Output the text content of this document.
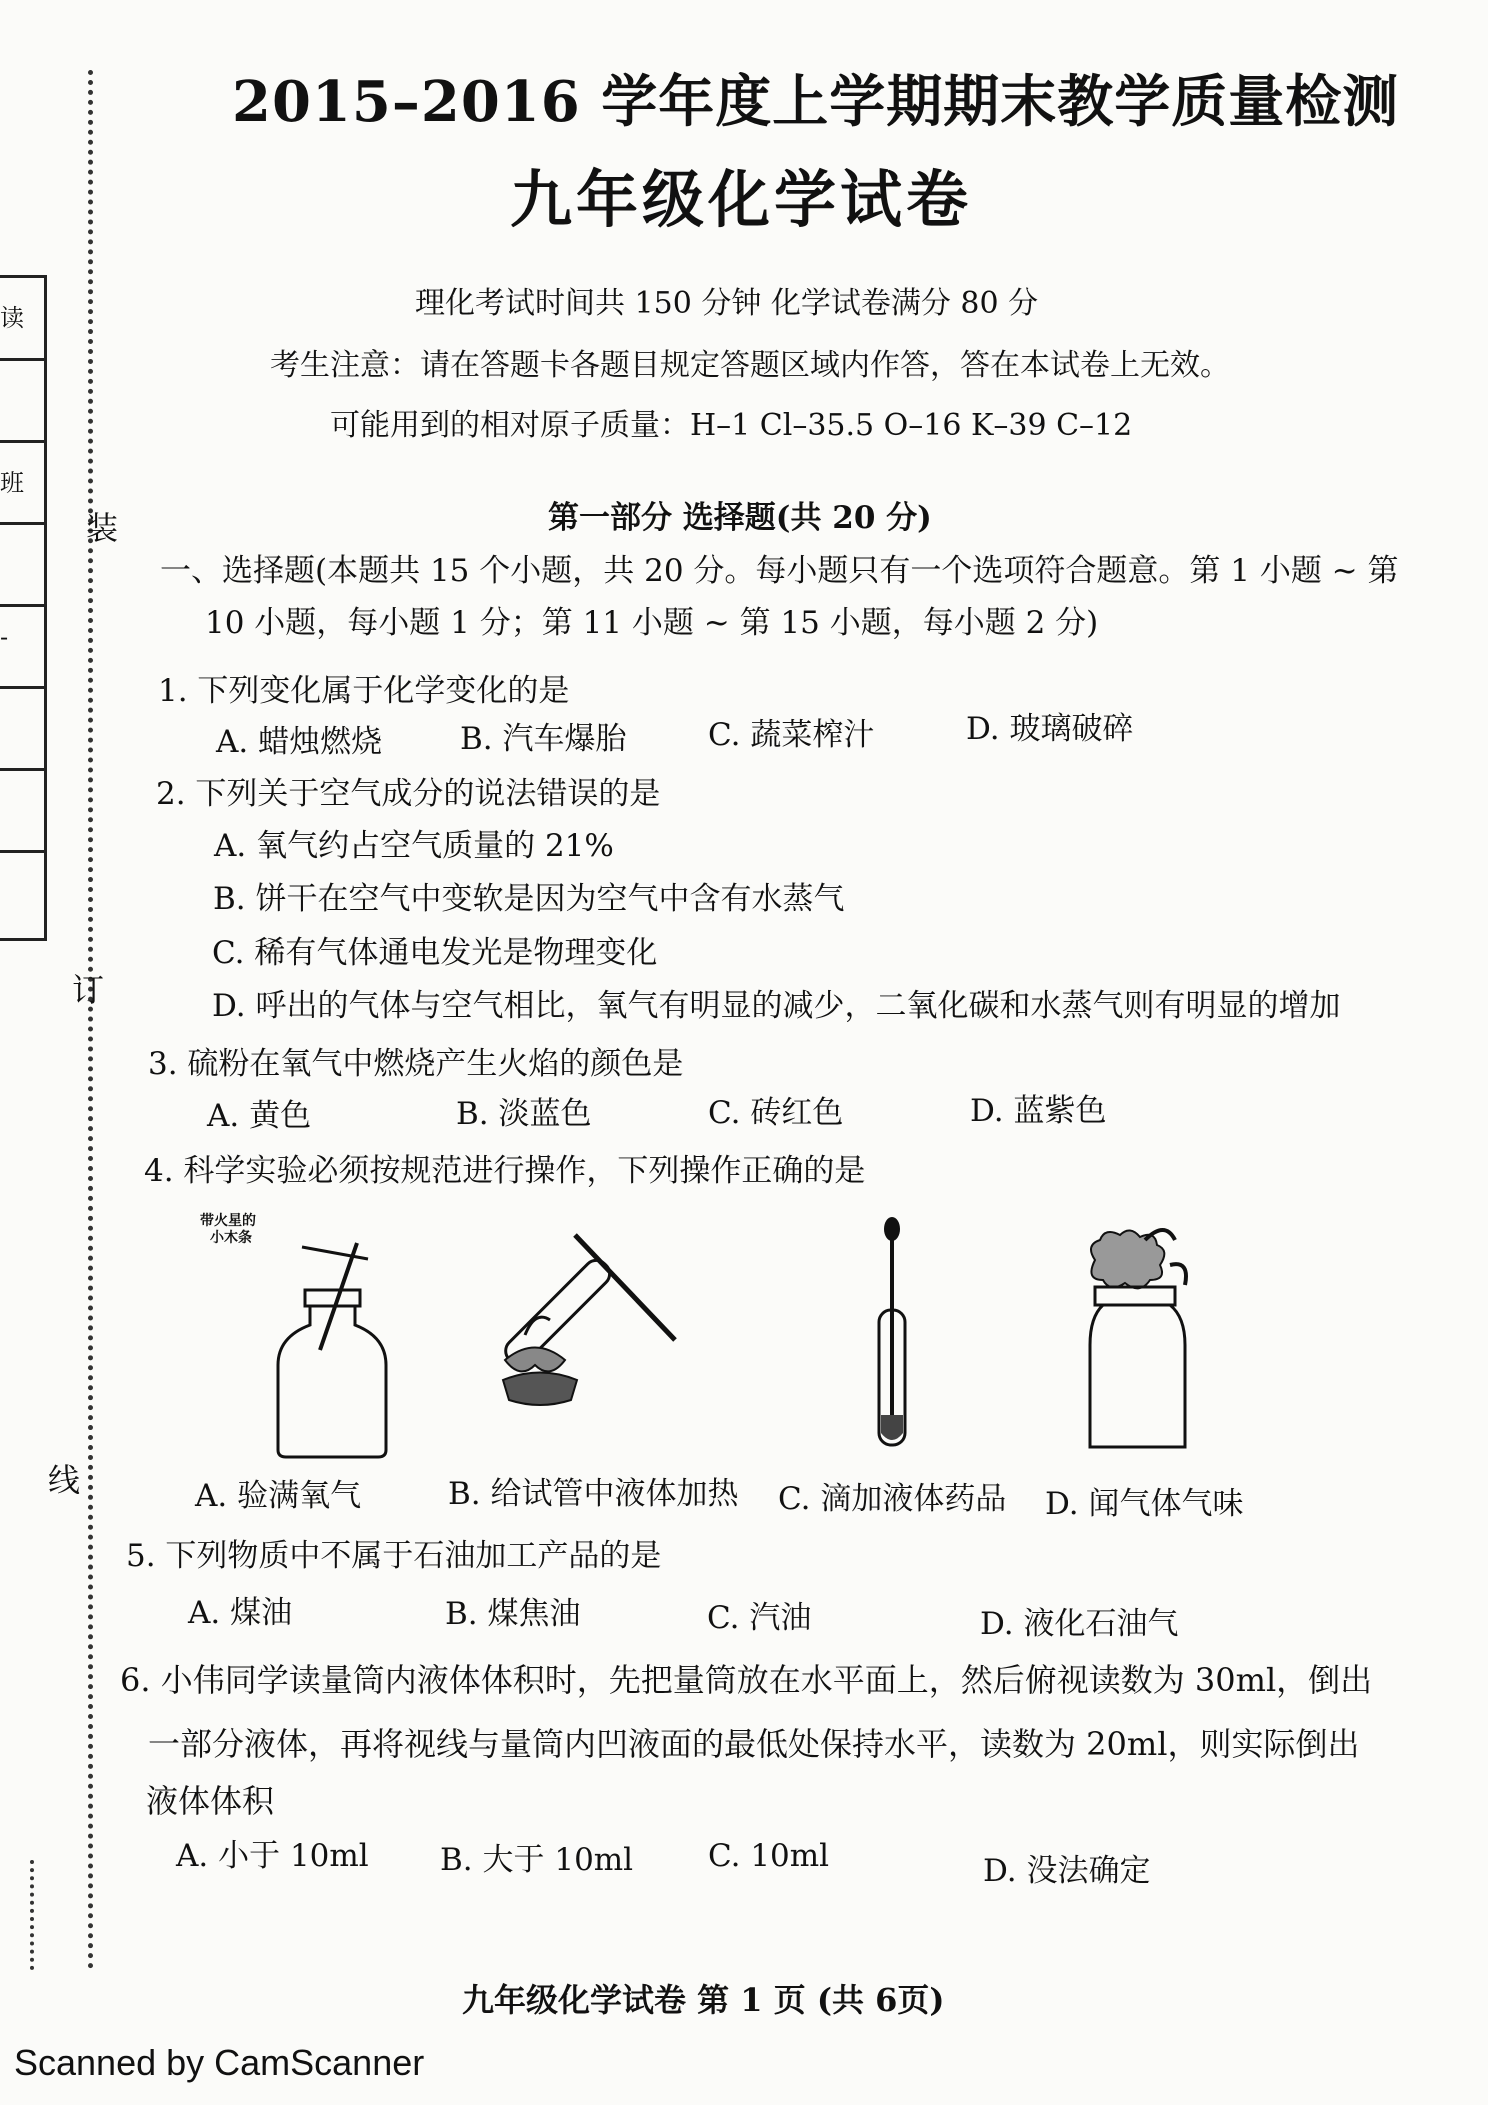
读
班
-
装
订
线
2015–2016 学年度上学期期末教学质量检测
九年级化学试卷
理化考试时间共 150 分钟 化学试卷满分 80 分
考生注意：请在答题卡各题目规定答题区域内作答，答在本试卷上无效。
可能用到的相对原子质量：H–1 Cl–35.5 O–16 K–39 C–12
第一部分 选择题(共 20 分)
一、选择题(本题共 15 个小题，共 20 分。每小题只有一个选项符合题意。第 1 小题 ~ 第
10 小题，每小题 1 分；第 11 小题 ~ 第 15 小题，每小题 2 分)
1. 下列变化属于化学变化的是
A. 蜡烛燃烧	B. 汽车爆胎	C. 蔬菜榨汁	D. 玻璃破碎
2. 下列关于空气成分的说法错误的是
A. 氧气约占空气质量的 21%
B. 饼干在空气中变软是因为空气中含有水蒸气
C. 稀有气体通电发光是物理变化
D. 呼出的气体与空气相比，氧气有明显的减少，二氧化碳和水蒸气则有明显的增加
3. 硫粉在氧气中燃烧产生火焰的颜色是
A. 黄色	B. 淡蓝色	C. 砖红色	D. 蓝紫色
4. 科学实验必须按规范进行操作，下列操作正确的是
带火星的
小木条
A. 验满氧气	B. 给试管中液体加热 C. 滴加液体药品 D. 闻气体气味
5. 下列物质中不属于石油加工产品的是
A. 煤油	B. 煤焦油	C. 汽油	D. 液化石油气
6. 小伟同学读量筒内液体体积时，先把量筒放在水平面上，然后俯视读数为 30ml，倒出
一部分液体，再将视线与量筒内凹液面的最低处保持水平，读数为 20ml，则实际倒出
液体体积
A. 小于 10ml B. 大于 10ml C. 10ml	D. 没法确定
九年级化学试卷 第 1 页 (共 6页)
Scanned by CamScanner
